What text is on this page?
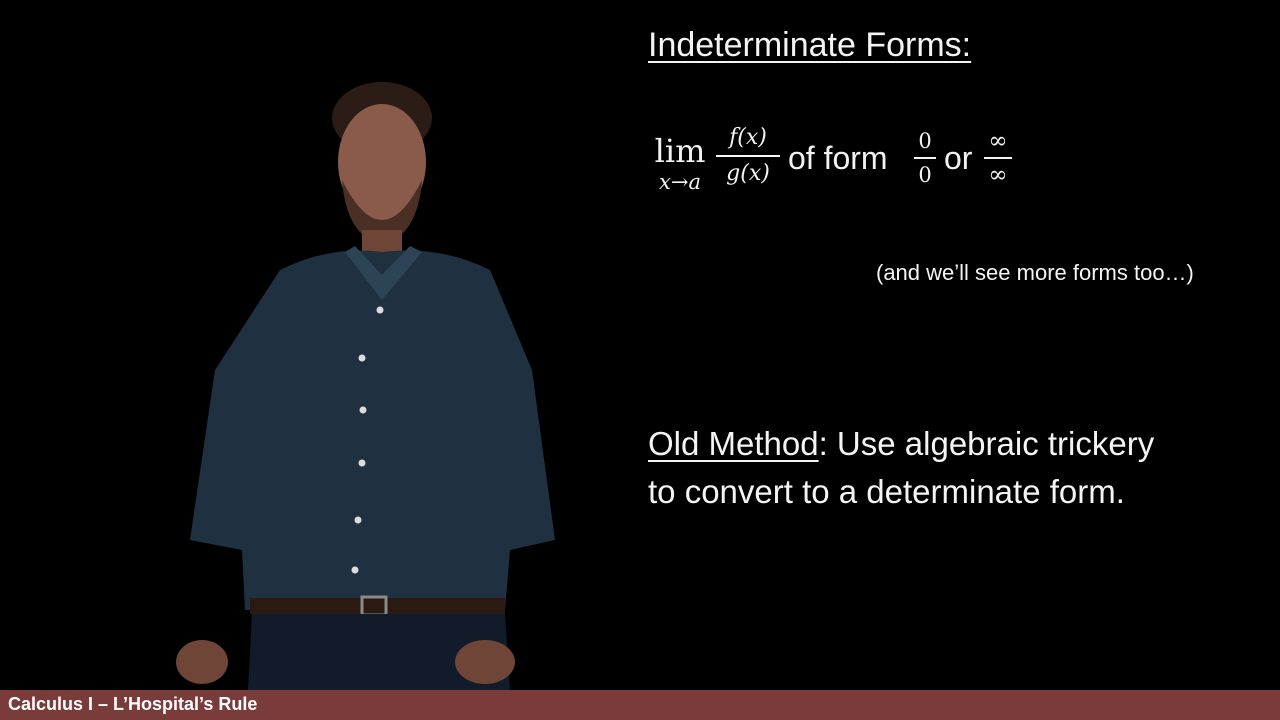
Indeterminate Forms:
lim
x→a
f(x)
g(x) of form 0
0 or ∞
∞
(and we’ll see more forms too…)
Old Method: Use algebraic trickery
to convert to a determinate form.
Calculus I – L’Hospital’s Rule
